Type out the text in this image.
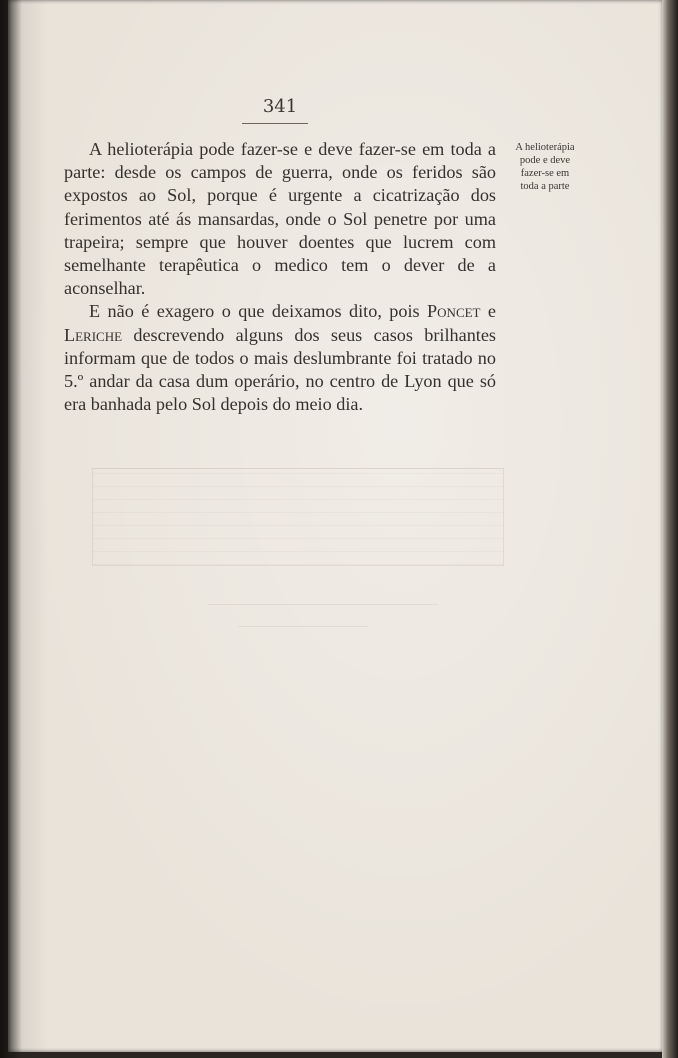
341

A helioterápia pode fazer-se e deve fazer-se em toda a parte: desde os campos de guerra, onde os feridos são expostos ao Sol, porque é urgente a cicatrização dos ferimentos até ás mansardas, onde o Sol penetre por uma trapeira; sempre que houver doentes que lucrem com semelhante terapêutica o medico tem o dever de a aconselhar.

E não é exagero o que deixamos dito, pois Poncet e Leriche descrevendo alguns dos seus casos brilhantes informam que de todos o mais deslumbrante foi tratado no 5.º andar da casa dum operário, no centro de Lyon que só era banhada pelo Sol depois do meio dia.

A helioterápia
pode e deve
fazer-se em
toda a parte
